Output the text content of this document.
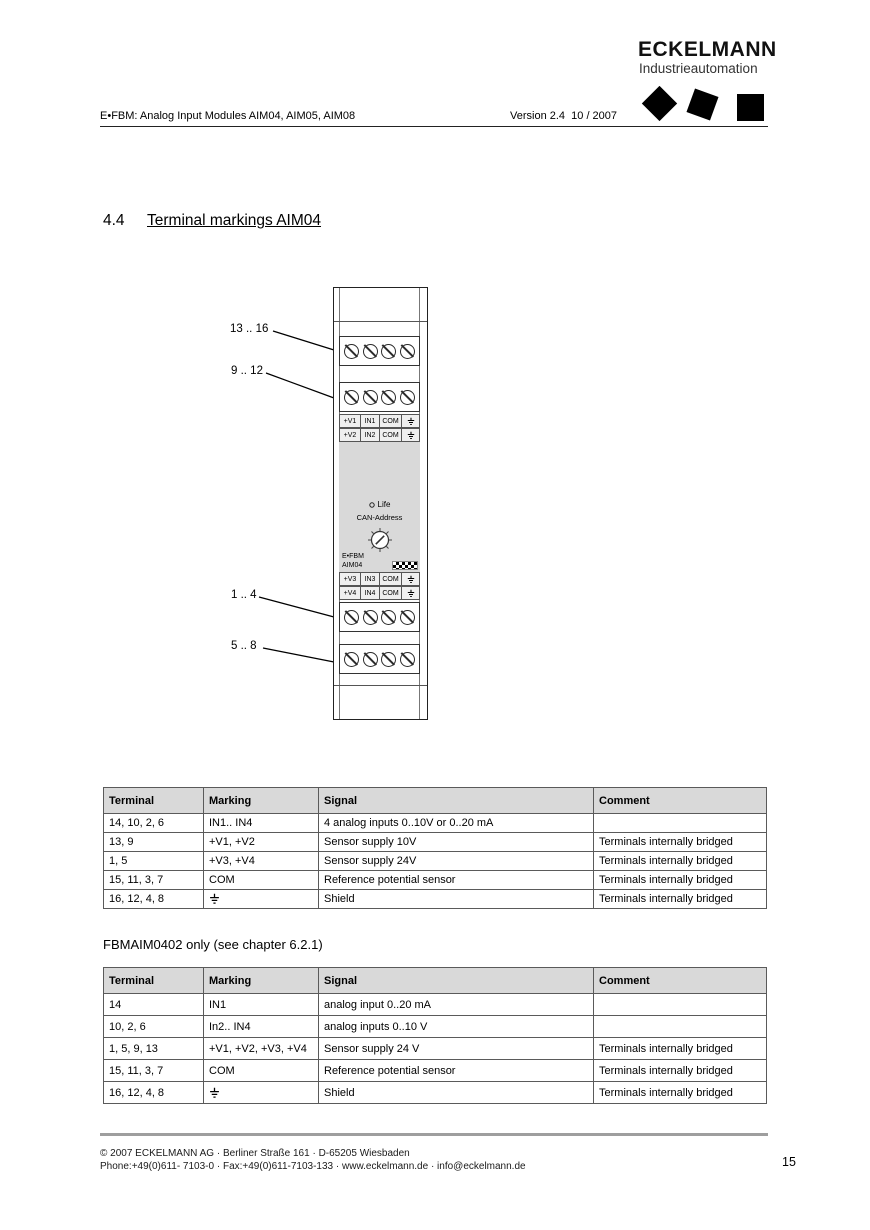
ECKELMANN
Industrieautomation
E•FBM: Analog Input Modules AIM04, AIM05, AIM08	Version 2.4  10 / 2007
4.4	Terminal markings AIM04
13 .. 16
9 .. 12
1 .. 4
5 .. 8
+V1	IN1 COM
+V2	IN2 COM
Life
CAN-Address
E•FBM
AIM04
+V3	IN3 COM
+V4	IN4 COM
Terminal	Marking	Signal	Comment
14, 10, 2, 6	IN1.. IN4	4 analog inputs 0..10V or 0..20 mA	
13, 9	+V1, +V2	Sensor supply 10V	Terminals internally bridged
1, 5	+V3, +V4	Sensor supply 24V	Terminals internally bridged
15, 11, 3, 7	COM	Reference potential sensor	Terminals internally bridged
16, 12, 4, 8		Shield	Terminals internally bridged
FBMAIM0402 only (see chapter 6.2.1)
Terminal	Marking	Signal	Comment
14	IN1	analog input 0..20 mA	
10, 2, 6	In2.. IN4	analog inputs 0..10 V	
1, 5, 9, 13	+V1, +V2, +V3, +V4	Sensor supply 24 V	Terminals internally bridged
15, 11, 3, 7	COM	Reference potential sensor	Terminals internally bridged
16, 12, 4, 8		Shield	Terminals internally bridged
© 2007 ECKELMANN AG · Berliner Straße 161 · D-65205 Wiesbaden
Phone:+49(0)611- 7103-0 · Fax:+49(0)611-7103-133 · www.eckelmann.de · info@eckelmann.de	15
